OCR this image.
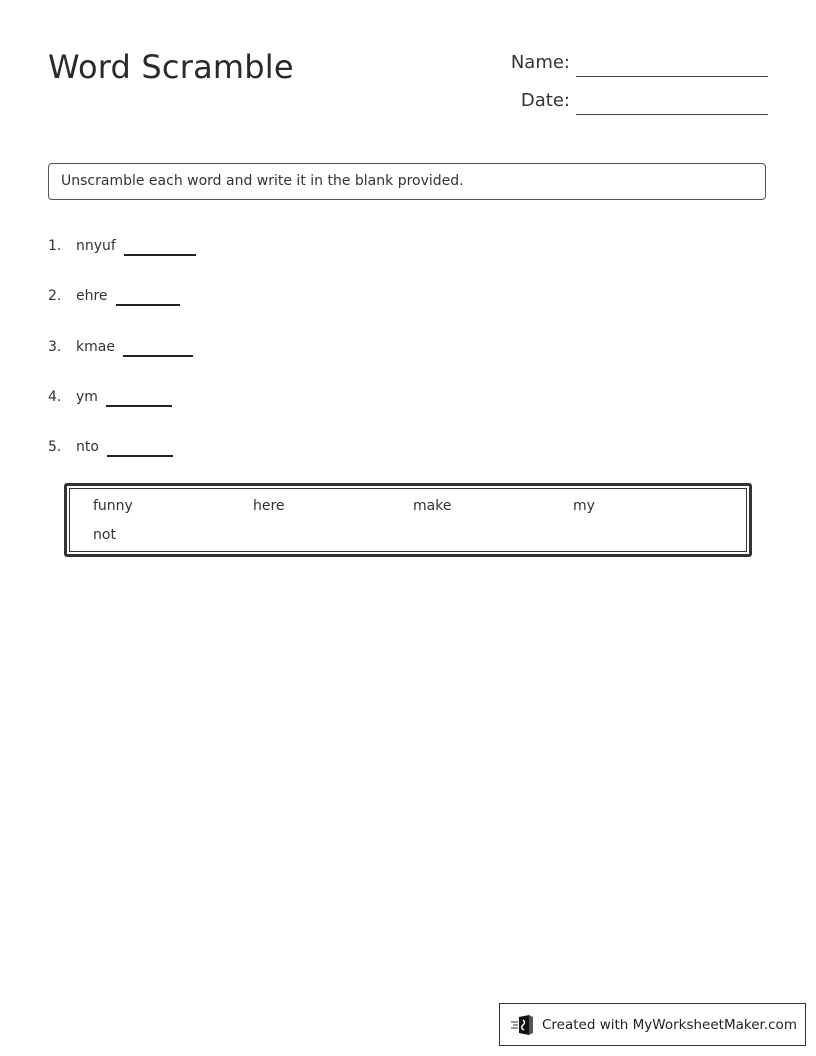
Word Scramble	Name:
Date:
Unscramble each word and write it in the blank provided.
1.	nnyuf
2.	ehre
3.	kmae
4.	ym
5.	nto
funny	here	make	my
not
Created with MyWorksheetMaker.com
